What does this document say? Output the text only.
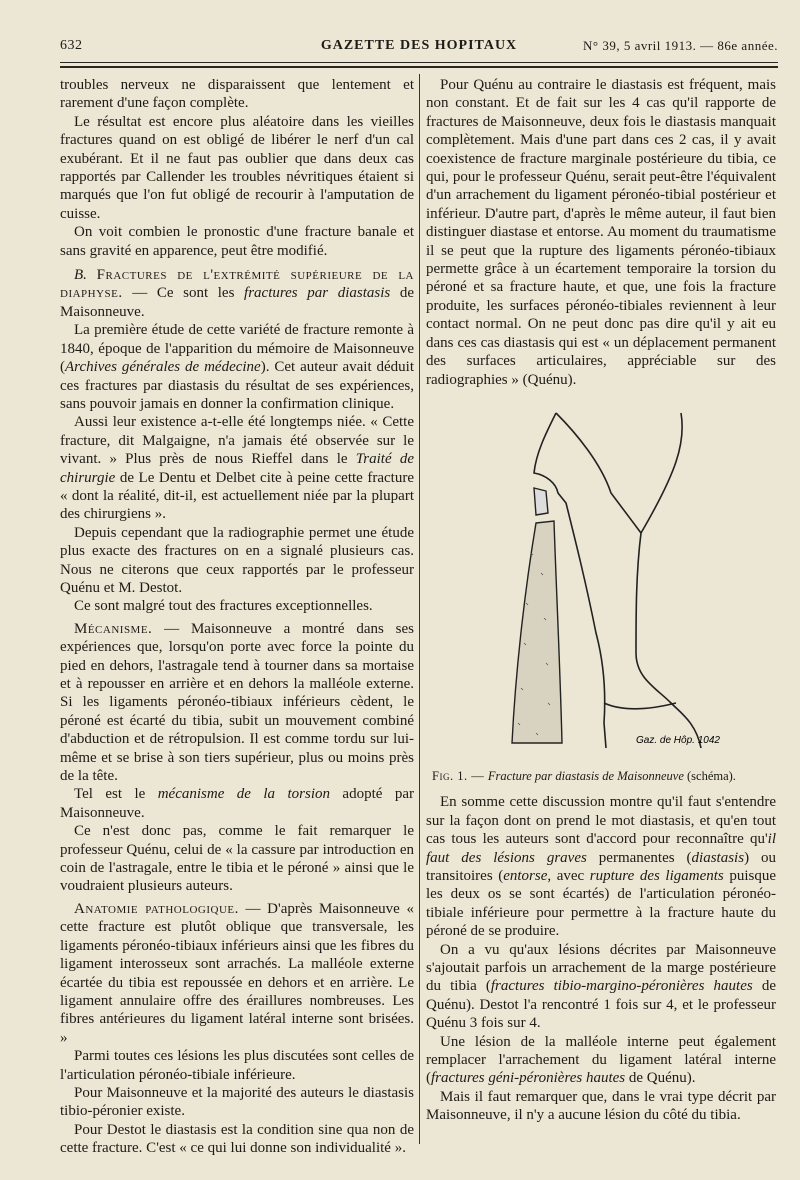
632	GAZETTE DES HOPITAUX	N° 39, 5 avril 1913. — 86e année.

troubles nerveux ne disparaissent que lentement et rarement d'une façon complète.

Le résultat est encore plus aléatoire dans les vieilles fractures quand on est obligé de libérer le nerf d'un cal exubérant. Et il ne faut pas oublier que dans deux cas rapportés par Callender les troubles névritiques étaient si marqués que l'on fut obligé de recourir à l'amputation de cuisse.

On voit combien le pronostic d'une fracture banale et sans gravité en apparence, peut être modifié.

B. Fractures de l'extrémité supérieure de la diaphyse. — Ce sont les fractures par diastasis de Maisonneuve.

La première étude de cette variété de fracture remonte à 1840, époque de l'apparition du mémoire de Maisonneuve (Archives générales de médecine). Cet auteur avait déduit ces fractures par diastasis du résultat de ses expériences, sans pouvoir jamais en donner la confirmation clinique.

Aussi leur existence a-t-elle été longtemps niée. « Cette fracture, dit Malgaigne, n'a jamais été observée sur le vivant. » Plus près de nous Rieffel dans le Traité de chirurgie de Le Dentu et Delbet cite à peine cette fracture « dont la réalité, dit-il, est actuellement niée par la plupart des chirurgiens ».

Depuis cependant que la radiographie permet une étude plus exacte des fractures on en a signalé plusieurs cas. Nous ne citerons que ceux rapportés par le professeur Quénu et M. Destot.

Ce sont malgré tout des fractures exceptionnelles.

Mécanisme. — Maisonneuve a montré dans ses expériences que, lorsqu'on porte avec force la pointe du pied en dehors, l'astragale tend à tourner dans sa mortaise et à repousser en arrière et en dehors la malléole externe. Si les ligaments péronéo-tibiaux inférieurs cèdent, le péroné est écarté du tibia, subit un mouvement combiné d'abduction et de rétropulsion. Il est comme tordu sur lui-même et se brise à son tiers supérieur, plus ou moins près de la tête.

Tel est le mécanisme de la torsion adopté par Maisonneuve.

Ce n'est donc pas, comme le fait remarquer le professeur Quénu, celui de « la cassure par introduction en coin de l'astragale, entre le tibia et le péroné » ainsi que le voudraient plusieurs auteurs.

Anatomie pathologique. — D'après Maisonneuve « cette fracture est plutôt oblique que transversale, les ligaments péronéo-tibiaux inférieurs ainsi que les fibres du ligament interosseux sont arrachés. La malléole externe écartée du tibia est repoussée en dehors et en arrière. Le ligament annulaire offre des éraillures nombreuses. Les fibres antérieures du ligament latéral interne sont brisées. »

Parmi toutes ces lésions les plus discutées sont celles de l'articulation péronéo-tibiale inférieure.

Pour Maisonneuve et la majorité des auteurs le diastasis tibio-péronier existe.

Pour Destot le diastasis est la condition sine qua non de cette fracture. C'est « ce qui lui donne son individualité ».

Pour Quénu au contraire le diastasis est fréquent, mais non constant. Et de fait sur les 4 cas qu'il rapporte de fractures de Maisonneuve, deux fois le diastasis manquait complètement. Mais d'une part dans ces 2 cas, il y avait coexistence de fracture marginale postérieure du tibia, ce qui, pour le professeur Quénu, serait peut-être l'équivalent d'un arrachement du ligament péronéo-tibial postérieur et inférieur. D'autre part, d'après le même auteur, il faut bien distinguer diastase et entorse. Au moment du traumatisme il se peut que la rupture des ligaments péronéo-tibiaux permette grâce à un écartement temporaire la torsion du péroné et sa fracture haute, et que, une fois la fracture produite, les surfaces péronéo-tibiales reviennent à leur contact normal. On ne peut donc pas dire qu'il y ait eu dans ces cas diastasis qui est « un déplacement permanent des surfaces articulaires, appréciable sur des radiographies » (Quénu).

Gaz. de Hôp. 1042

Fig. 1. — Fracture par diastasis de Maisonneuve (schéma).

En somme cette discussion montre qu'il faut s'entendre sur la façon dont on prend le mot diastasis, et qu'en tout cas tous les auteurs sont d'accord pour reconnaître qu'il faut des lésions graves permanentes (diastasis) ou transitoires (entorse, avec rupture des ligaments puisque les deux os se sont écartés) de l'articulation péronéo-tibiale inférieure pour permettre à la fracture haute du péroné de se produire.

On a vu qu'aux lésions décrites par Maisonneuve s'ajoutait parfois un arrachement de la marge postérieure du tibia (fractures tibio-margino-péronières hautes de Quénu). Destot l'a rencontré 1 fois sur 4, et le professeur Quénu 3 fois sur 4.

Une lésion de la malléole interne peut également remplacer l'arrachement du ligament latéral interne (fractures géni-péronières hautes de Quénu).

Mais il faut remarquer que, dans le vrai type décrit par Maisonneuve, il n'y a aucune lésion du côté du tibia.
